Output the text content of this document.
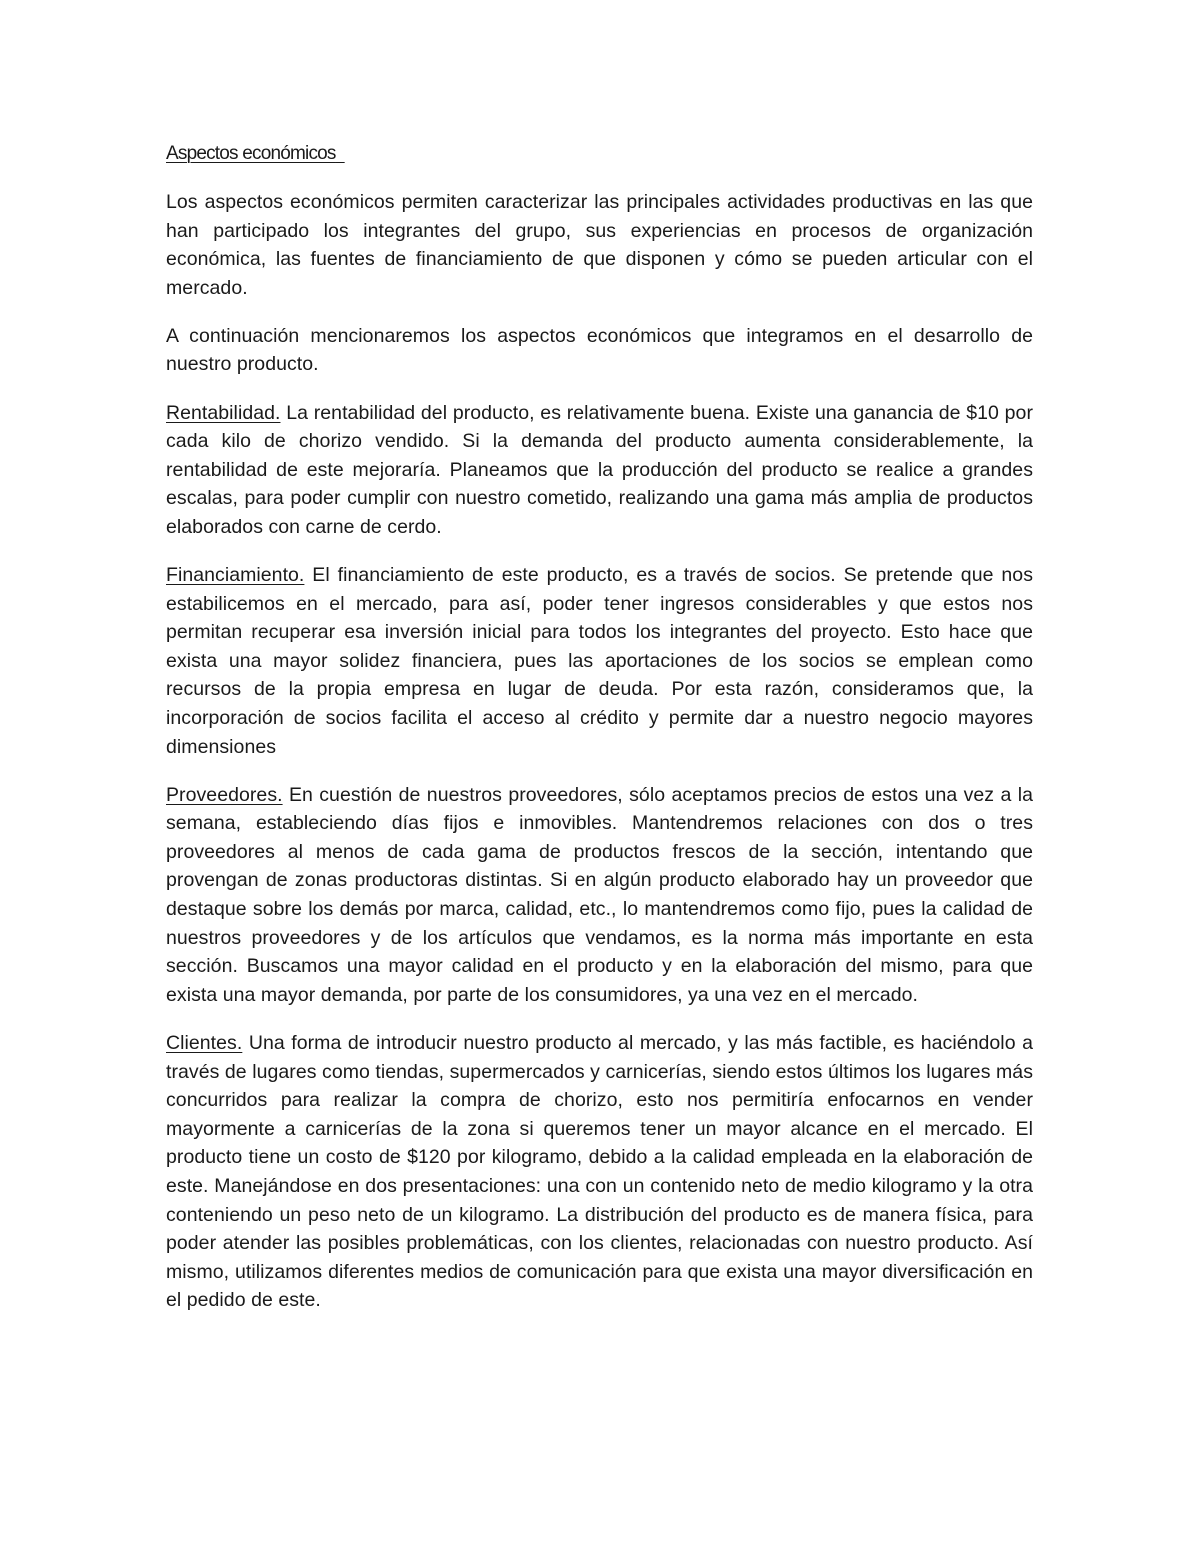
Aspectos económicos

Los aspectos económicos permiten caracterizar las principales actividades productivas en las que han participado los integrantes del grupo, sus experiencias en procesos de organización económica, las fuentes de financiamiento de que disponen y cómo se pueden articular con el mercado.

A continuación mencionaremos los aspectos económicos que integramos en el desarrollo de nuestro producto.

Rentabilidad. La rentabilidad del producto, es relativamente buena. Existe una ganancia de $10 por cada kilo de chorizo vendido. Si la demanda del producto aumenta considerablemente, la rentabilidad de este mejoraría. Planeamos que la producción del producto se realice a grandes escalas, para poder cumplir con nuestro cometido, realizando una gama más amplia de productos elaborados con carne de cerdo.

Financiamiento. El financiamiento de este producto, es a través de socios. Se pretende que nos estabilicemos en el mercado, para así, poder tener ingresos considerables y que estos nos permitan recuperar esa inversión inicial para todos los integrantes del proyecto. Esto hace que exista una mayor solidez financiera, pues las aportaciones de los socios se emplean como recursos de la propia empresa en lugar de deuda. Por esta razón, consideramos que, la incorporación de socios facilita el acceso al crédito y permite dar a nuestro negocio mayores dimensiones

Proveedores. En cuestión de nuestros proveedores, sólo aceptamos precios de estos una vez a la semana, estableciendo días fijos e inmovibles. Mantendremos relaciones con dos o tres proveedores al menos de cada gama de productos frescos de la sección, intentando que provengan de zonas productoras distintas. Si en algún producto elaborado hay un proveedor que destaque sobre los demás por marca, calidad, etc., lo mantendremos como fijo, pues la calidad de nuestros proveedores y de los artículos que vendamos, es la norma más importante en esta sección. Buscamos una mayor calidad en el producto y en la elaboración del mismo, para que exista una mayor demanda, por parte de los consumidores, ya una vez en el mercado.

Clientes. Una forma de introducir nuestro producto al mercado, y las más factible, es haciéndolo a través de lugares como tiendas, supermercados y carnicerías, siendo estos últimos los lugares más concurridos para realizar la compra de chorizo, esto nos permitiría enfocarnos en vender mayormente a carnicerías de la zona si queremos tener un mayor alcance en el mercado. El producto tiene un costo de $120 por kilogramo, debido a la calidad empleada en la elaboración de este. Manejándose en dos presentaciones: una con un contenido neto de medio kilogramo y la otra conteniendo un peso neto de un kilogramo. La distribución del producto es de manera física, para poder atender las posibles problemáticas, con los clientes, relacionadas con nuestro producto. Así mismo, utilizamos diferentes medios de comunicación para que exista una mayor diversificación en el pedido de este.
